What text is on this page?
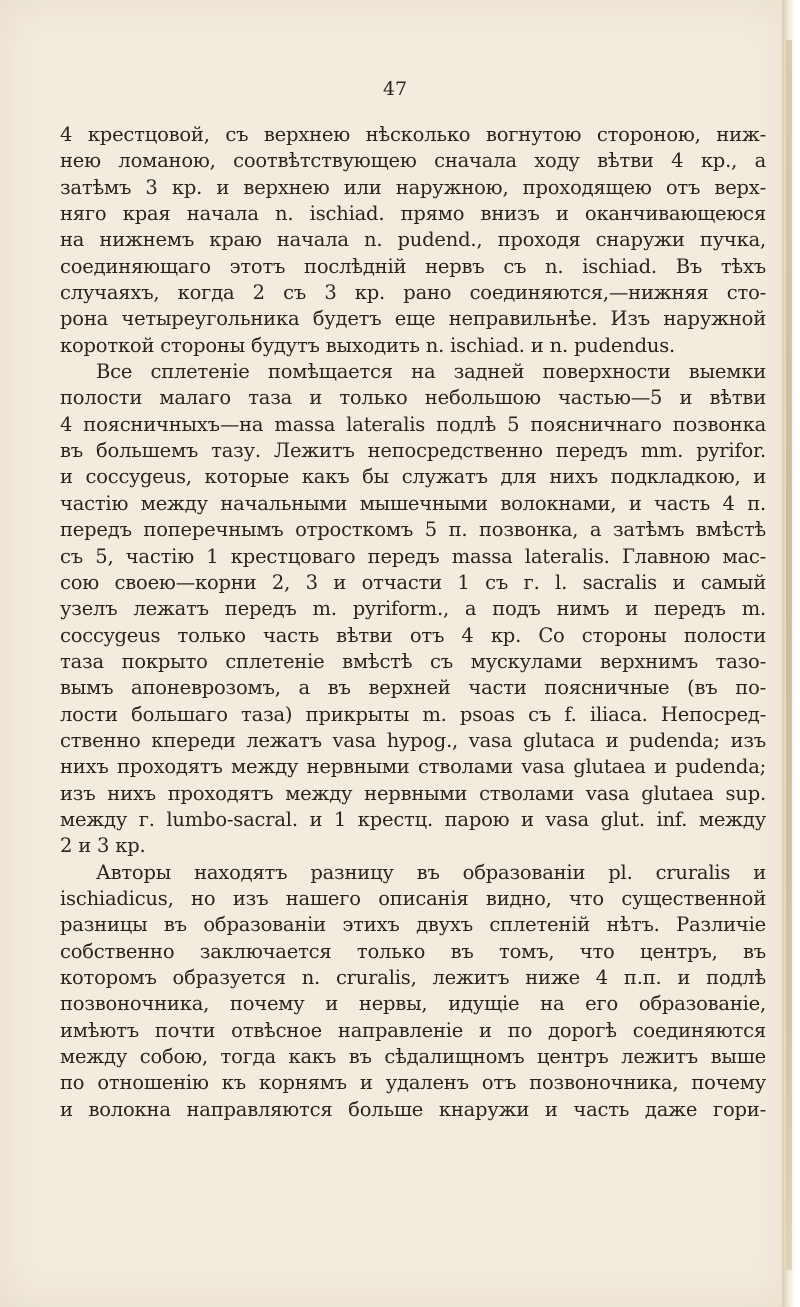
47
4 крестцовой, съ верхнею нѣсколько вогнутою стороною, ниж-
нею ломаною, соотвѣтствующею сначала ходу вѣтви 4 кр., а
затѣмъ 3 кр. и верхнею или наружною, проходящею отъ верх-
няго края начала n. ischiad. прямо внизъ и оканчивающеюся
на нижнемъ краю начала n. pudend., проходя снаружи пучка,
соединяющаго этотъ послѣдній нервъ съ n. ischiad. Въ тѣхъ
случаяхъ, когда 2 съ 3 кр. рано соединяются,—нижняя сто-
рона четыреугольника будетъ еще неправильнѣе. Изъ наружной
короткой стороны будутъ выходить n. ischiad. и n. pudendus.
Все сплетеніе помѣщается на задней поверхности выемки
полости малаго таза и только небольшою частью—5 и вѣтви
4 поясничныхъ—на massa lateralis подлѣ 5 поясничнаго позвонка
въ большемъ тазу. Лежитъ непосредственно передъ mm. pyrifor.
и coccygeus, которые какъ бы служатъ для нихъ подкладкою, и
частію между начальными мышечными волокнами, и часть 4 п.
передъ поперечнымъ отросткомъ 5 п. позвонка, а затѣмъ вмѣстѣ
съ 5, частію 1 крестцоваго передъ massa lateralis. Главною мас-
сою своею—корни 2, 3 и отчасти 1 съ г. l. sacralis и самый
узелъ лежатъ передъ m. pyriform., а подъ нимъ и передъ m.
coccygeus только часть вѣтви отъ 4 кр. Со стороны полости
таза покрыто сплетеніе вмѣстѣ съ мускулами верхнимъ тазо-
вымъ апоневрозомъ, а въ верхней части поясничные (въ по-
лости большаго таза) прикрыты m. psoas съ f. iliaca. Непосред-
ственно кпереди лежатъ vasa hypog., vasa glutaca и pudenda; изъ
нихъ проходятъ между нервными стволами vasa glutaea и pudenda;
изъ нихъ проходятъ между нервными стволами vasa glutaea sup.
между г. lumbo-sacral. и 1 крестц. парою и vasa glut. inf. между
2 и 3 кр.
Авторы находятъ разницу въ образованіи pl. cruralis и
ischiadicus, но изъ нашего описанія видно, что существенной
разницы въ образованіи этихъ двухъ сплетеній нѣтъ. Различіе
собственно заключается только въ томъ, что центръ, въ
которомъ образуется n. cruralis, лежитъ ниже 4 п.п. и подлѣ
позвоночника, почему и нервы, идущіе на его образованіе,
имѣютъ почти отвѣсное направленіе и по дорогѣ соединяются
между собою, тогда какъ въ сѣдалищномъ центръ лежитъ выше
по отношенію къ корнямъ и удаленъ отъ позвоночника, почему
и волокна направляются больше кнаружи и часть даже гори-
